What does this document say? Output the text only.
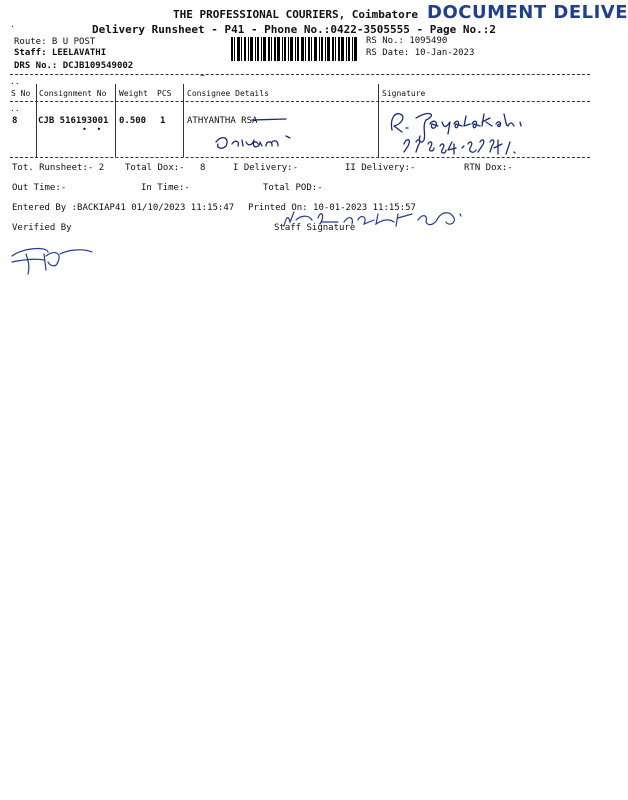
THE PROFESSIONAL COURIERS, Coimbatore DOCUMENT DELIVE
Delivery Runsheet - P41 - Phone No.:0422-3505555 - Page No.:2
Route: B U POST
Staff: LEELAVATHI
DRS No.: DCJB109549002
RS No.: 1095490
RS Date: 10-Jan-2023
..
S No Consignment No Weight PCS Consignee Details	Signature
..
8 CJB 516193001 0.500 1 ATHYANTHA RSA
•  •
Tot. Runsheet:- 2 Total Dox:- 8	I Delivery:-	II Delivery:-	RTN Dox:-
Out Time:-	In Time:-	Total POD:-
Entered By :BACKIAP41 01/10/2023 11:15:47 Printed On: 10-01-2023 11:15:57
Staff Signature
Verified By
·
~
